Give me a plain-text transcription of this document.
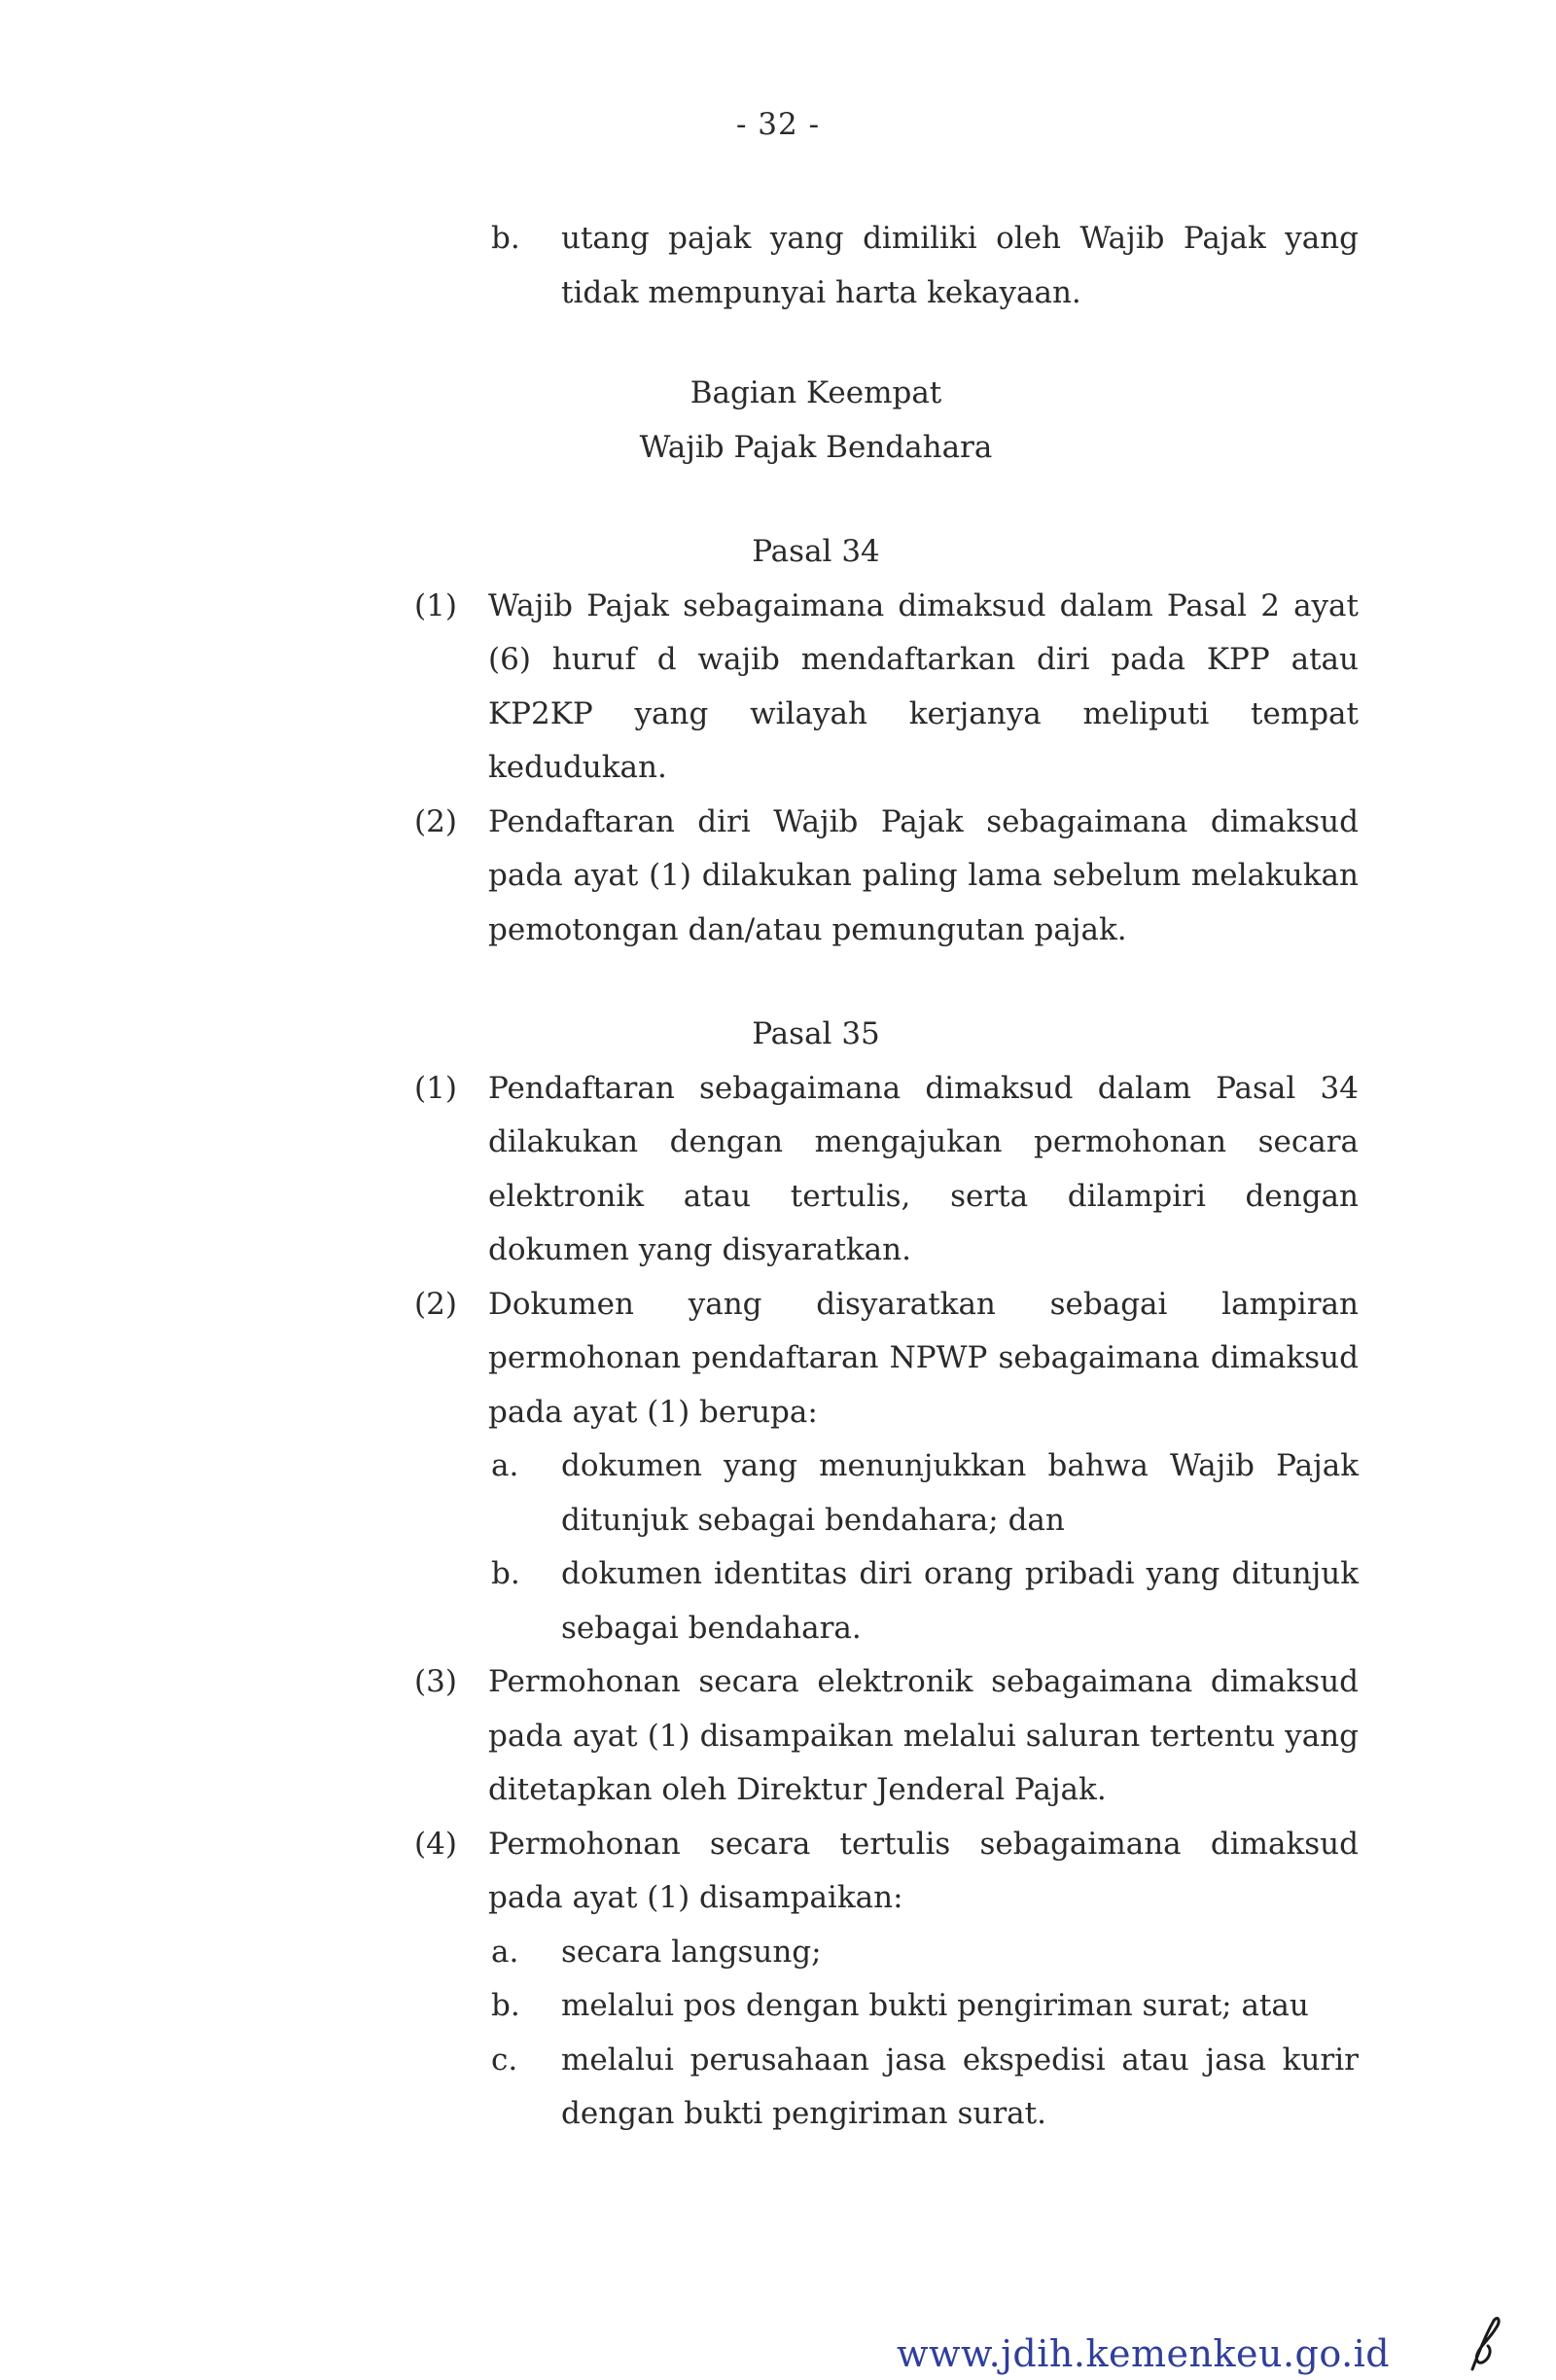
- 32 -
b. utang pajak yang dimiliki oleh Wajib Pajak yang tidak mempunyai harta kekayaan.
Bagian Keempat
Wajib Pajak Bendahara
Pasal 34
(1) Wajib Pajak sebagaimana dimaksud dalam Pasal 2 ayat (6) huruf d wajib mendaftarkan diri pada KPP atau KP2KP yang wilayah kerjanya meliputi tempat kedudukan.
(2) Pendaftaran diri Wajib Pajak sebagaimana dimaksud pada ayat (1) dilakukan paling lama sebelum melakukan pemotongan dan/atau pemungutan pajak.
Pasal 35
(1) Pendaftaran sebagaimana dimaksud dalam Pasal 34 dilakukan dengan mengajukan permohonan secara elektronik atau tertulis, serta dilampiri dengan dokumen yang disyaratkan.
(2) Dokumen yang disyaratkan sebagai lampiran permohonan pendaftaran NPWP sebagaimana dimaksud pada ayat (1) berupa:
a. dokumen yang menunjukkan bahwa Wajib Pajak ditunjuk sebagai bendahara; dan
b. dokumen identitas diri orang pribadi yang ditunjuk sebagai bendahara.
(3) Permohonan secara elektronik sebagaimana dimaksud pada ayat (1) disampaikan melalui saluran tertentu yang ditetapkan oleh Direktur Jenderal Pajak.
(4) Permohonan secara tertulis sebagaimana dimaksud pada ayat (1) disampaikan:
a. secara langsung;
b. melalui pos dengan bukti pengiriman surat; atau
c. melalui perusahaan jasa ekspedisi atau jasa kurir dengan bukti pengiriman surat.
www.jdih.kemenkeu.go.id
